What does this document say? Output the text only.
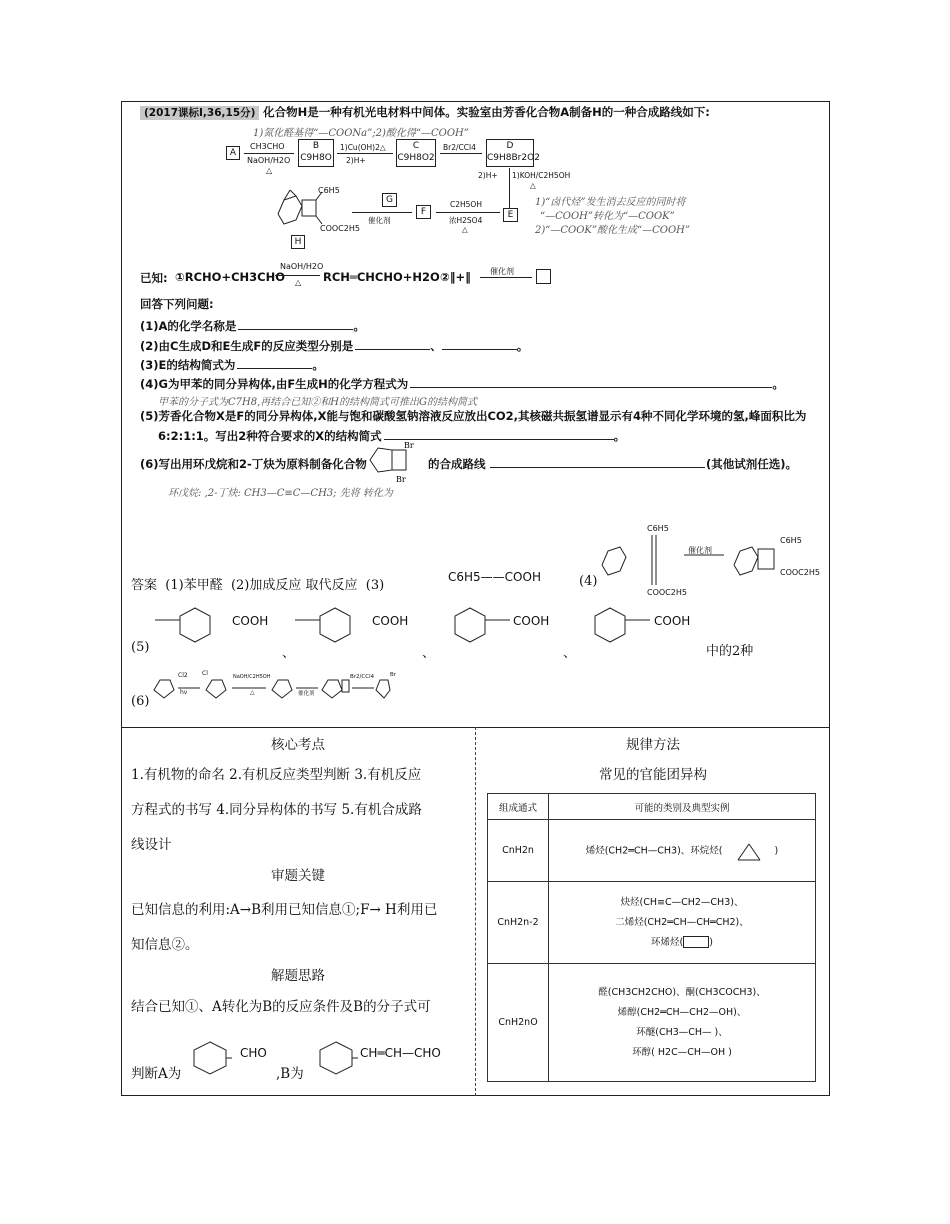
(2017课标Ⅰ,36,15分) 化合物H是一种有机光电材料中间体。实验室由芳香化合物A制备H的一种合成路线如下:
1)氮化醛基得“—COONa”;2)酸化得“—COOH”
A
CH3CHO
NaOH/H2O
△
B
C9H8O
1)Cu(OH)2△
2)H+
C
C9H8O2
Br2/CCl4	D
C9H8Br2O2
2)H+ 1)KOH/C2H5OH
△
E
1)“卤代烃”发生消去反应的同时将
“—COOH”转化为“—COOK”
2)“—COOK”酸化生成“—COOH”
C2H5OH
浓H2SO4
△
F
G
催化剂
C6H5
COOC2H5
H
已知: ①RCHO+CH3CHO
NaOH/H2O
△ RCH═CHCHO+H2O ②‖+‖ 催化剂
回答下列问题:
(1)A的化学名称是	。
(2)由C生成D和E生成F的反应类型分别是	、	。
(3)E的结构简式为	。
(4)G为甲苯的同分异构体,由F生成H的化学方程式为	。
甲苯的分子式为C7H8,再结合已知②和H的结构简式可推出G的结构简式
(5)芳香化合物X是F的同分异构体,X能与饱和碳酸氢钠溶液反应放出CO2,其核磁共振氢谱显示有4种不同化学环境的氢,峰面积比为
6:2:1:1。写出2种符合要求的X的结构简式	。
(6)写出用环戊烷和2-丁炔为原料制备化合物
Br
Br
的合成路线	(其他试剂任选)。
环戊烷: ,2-丁炔: CH3—C≡C—CH3; 先将 转化为
答案 (1)苯甲醛 (2)加成反应 取代反应 (3)
C6H5——COOH	(4)
C6H5
COOC2H5
催化剂
C6H5
COOC2H5
(5)
COOH	COOH	COOH	COOH
、	、	、	中的2种
(6)
Cl2
hv
Cl	NaOH/C2H5OH
△	催化剂
Br2/CCl4	Br
核心考点
1.有机物的命名 2.有机反应类型判断 3.有机反应
方程式的书写 4.同分异构体的书写 5.有机合成路
线设计
审题关键
已知信息的利用:A→B利用已知信息①;F→ H利用已
知信息②。
解题思路
结合已知①、A转化为B的反应条件及B的分子式可
判断A为
CHO
,B为
CH═CH—CHO
规律方法
常见的官能团异构
组成通式	可能的类别及典型实例
CnH2n	烯烃(CH2═CH—CH3)、环烷烃( )
CnH2n-2	炔烃(CH≡C—CH2—CH3)、
二烯烃(CH2═CH—CH═CH2)、
环烯烃( )

CnH2nO	醛(CH3CH2CHO)、酮(CH3COCH3)、
烯醇(CH2═CH—CH2—OH)、
环醚(CH3—CH— )、
环醇( H2C—CH—OH )
